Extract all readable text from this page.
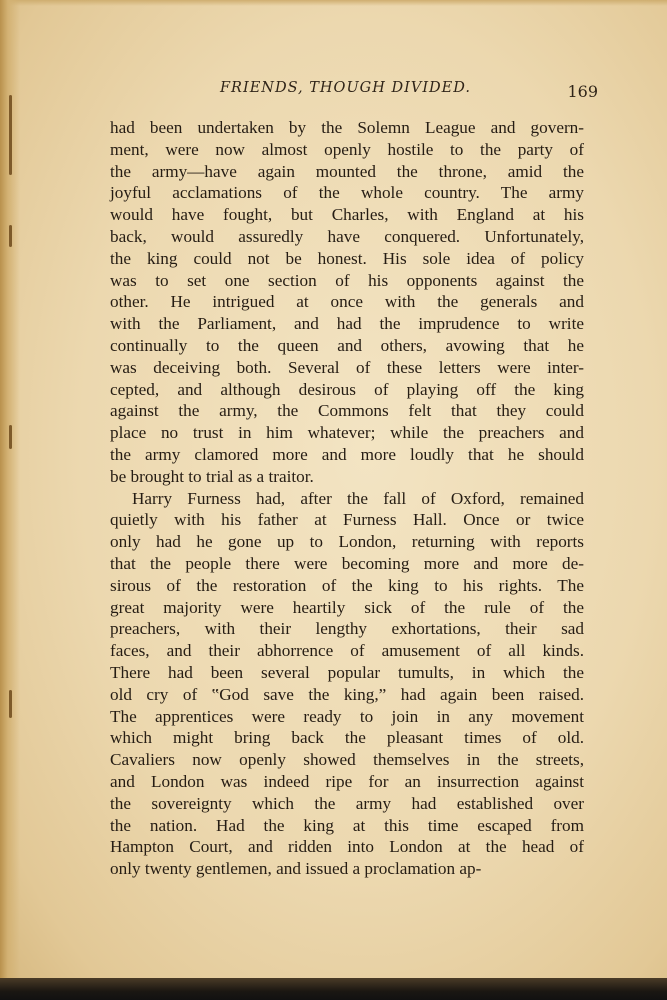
FRIENDS, THOUGH DIVIDED.	169
had been undertaken by the Solemn League and govern-
ment, were now almost openly hostile to the party of
the army—have again mounted the throne, amid the
joyful acclamations of the whole country. The army
would have fought, but Charles, with England at his
back, would assuredly have conquered. Unfortunately,
the king could not be honest. His sole idea of policy
was to set one section of his opponents against the
other. He intrigued at once with the generals and
with the Parliament, and had the imprudence to write
continually to the queen and others, avowing that he
was deceiving both. Several of these letters were inter-
cepted, and although desirous of playing off the king
against the army, the Commons felt that they could
place no trust in him whatever; while the preachers and
the army clamored more and more loudly that he should
be brought to trial as a traitor.
Harry Furness had, after the fall of Oxford, remained
quietly with his father at Furness Hall. Once or twice
only had he gone up to London, returning with reports
that the people there were becoming more and more de-
sirous of the restoration of the king to his rights. The
great majority were heartily sick of the rule of the
preachers, with their lengthy exhortations, their sad
faces, and their abhorrence of amusement of all kinds.
There had been several popular tumults, in which the
old cry of ‟God save the king,” had again been raised.
The apprentices were ready to join in any movement
which might bring back the pleasant times of old.
Cavaliers now openly showed themselves in the streets,
and London was indeed ripe for an insurrection against
the sovereignty which the army had established over
the nation. Had the king at this time escaped from
Hampton Court, and ridden into London at the head of
only twenty gentlemen, and issued a proclamation ap-
